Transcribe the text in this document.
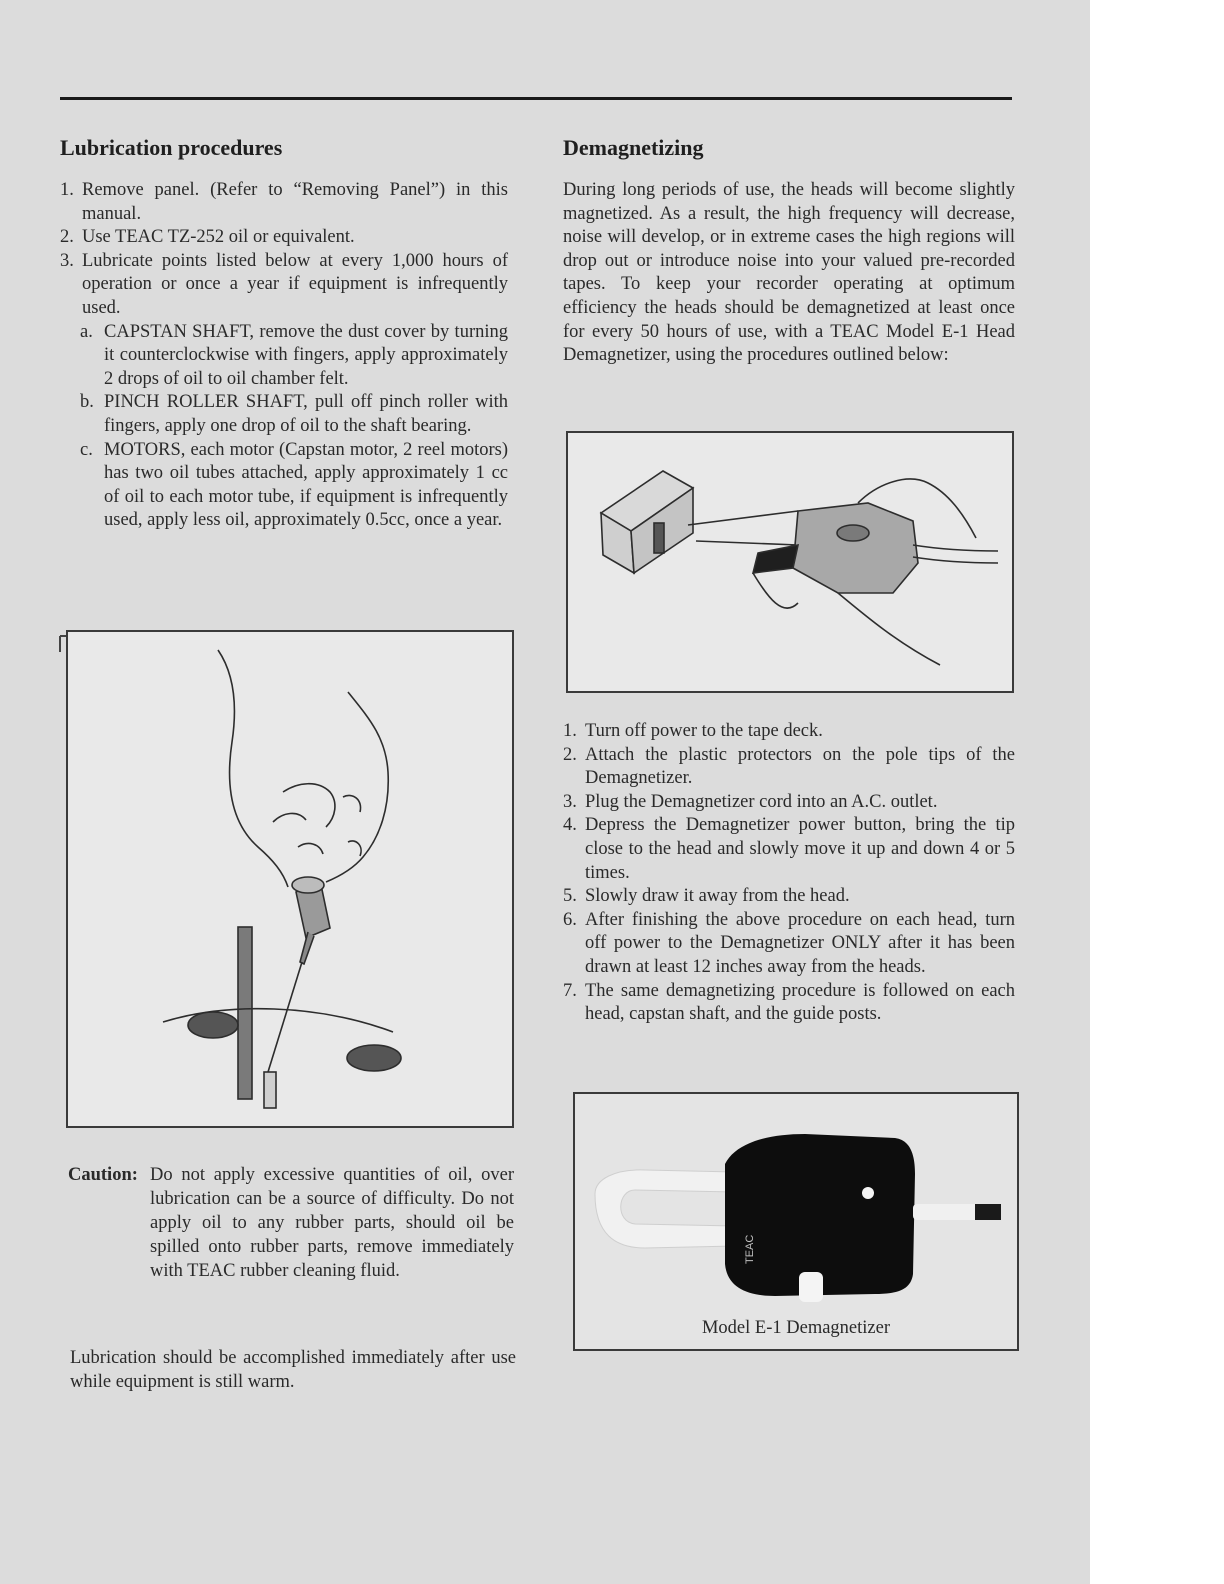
Lubrication procedures
1. Remove panel. (Refer to “Removing Panel”) in this manual.
2. Use TEAC TZ-252 oil or equivalent.
3. Lubricate points listed below at every 1,000 hours of operation or once a year if equipment is infrequently used.
a. CAPSTAN SHAFT, remove the dust cover by turning it counterclockwise with fingers, apply approximately 2 drops of oil to oil chamber felt.
b. PINCH ROLLER SHAFT, pull off pinch roller with fingers, apply one drop of oil to the shaft bearing.
c. MOTORS, each motor (Capstan motor, 2 reel motors) has two oil tubes attached, apply approximately 1 cc of oil to each motor tube, if equipment is infrequently used, apply less oil, approximately 0.5cc, once a year.
Caution: Do not apply excessive quantities of oil, over lubrication can be a source of difficulty. Do not apply oil to any rubber parts, should oil be spilled onto rubber parts, remove immediately with TEAC rubber cleaning fluid.

Lubrication should be accomplished immediately after use while equipment is still warm.

Demagnetizing

During long periods of use, the heads will become slightly magnetized. As a result, the high frequency will decrease, noise will develop, or in extreme cases the high regions will drop out or introduce noise into your valued pre-recorded tapes. To keep your recorder operating at optimum efficiency the heads should be demagnetized at least once for every 50 hours of use, with a TEAC Model E-1 Head Demagnetizer, using the procedures outlined below:

1. Turn off power to the tape deck.
2. Attach the plastic protectors on the pole tips of the Demagnetizer.
3. Plug the Demagnetizer cord into an A.C. outlet.
4. Depress the Demagnetizer power button, bring the tip close to the head and slowly move it up and down 4 or 5 times.
5. Slowly draw it away from the head.
6. After finishing the above procedure on each head, turn off power to the Demagnetizer ONLY after it has been drawn at least 12 inches away from the heads.
7. The same demagnetizing procedure is followed on each head, capstan shaft, and the guide posts.
TEAC
Model E-1 Demagnetizer
